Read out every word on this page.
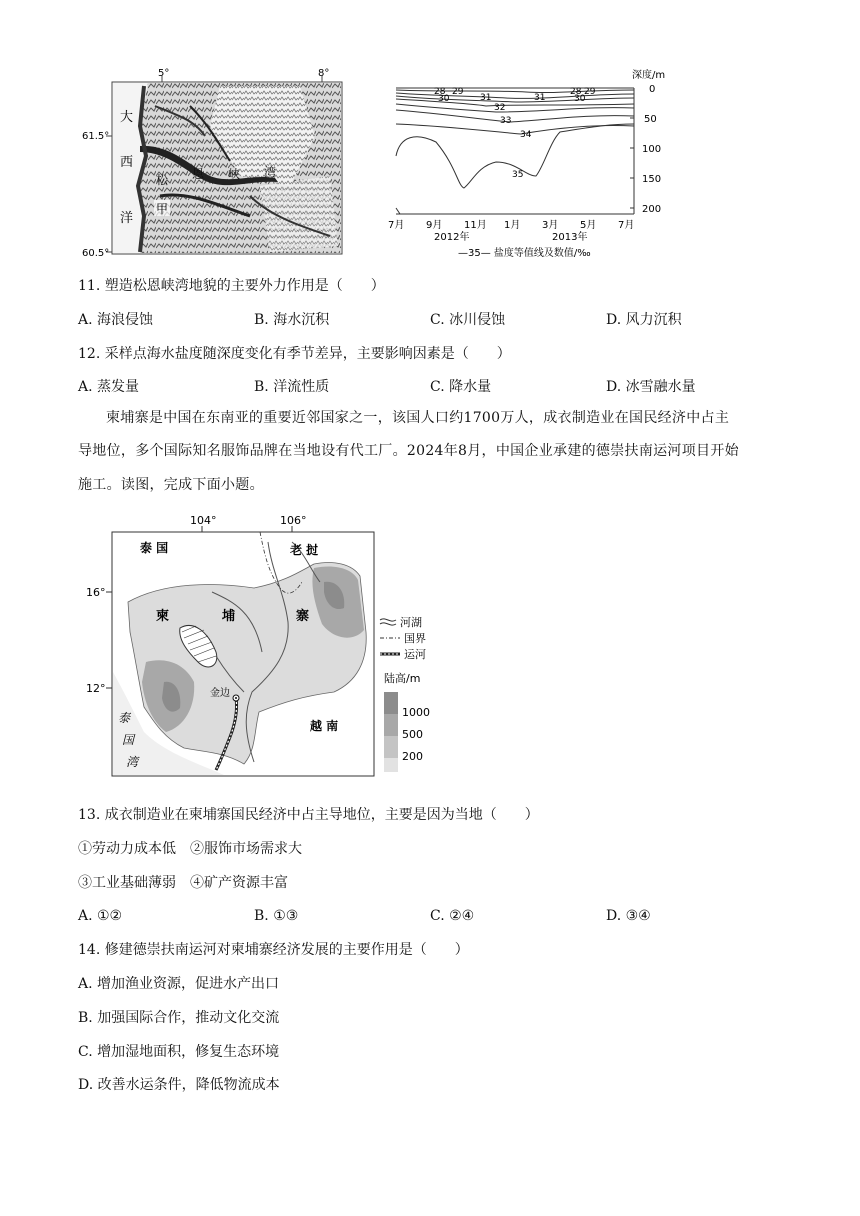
5°	8°
61.5°
60.5°
大
西
洋
松 恩 峡 湾
甲
0
50
100
150
200
深度/m
28 29
30	31	31
28 29
30
32
33
34
35
7月 9月 11月 1月 3月 5月 7月
2012年	2013年
—35— 盐度等值线及数值/‰
11. 塑造松恩峡湾地貌的主要外力作用是（　　）
A. 海浪侵蚀	B. 海水沉积	C. 冰川侵蚀	D. 风力沉积
12. 采样点海水盐度随深度变化有季节差异，主要影响因素是（　　）
A. 蒸发量	B. 洋流性质	C. 降水量	D. 冰雪融水量
柬埔寨是中国在东南亚的重要近邻国家之一，该国人口约1700万人，成衣制造业在国民经济中占主
导地位，多个国际知名服饰品牌在当地设有代工厂。2024年8月，中国企业承建的德崇扶南运河项目开始
施工。读图，完成下面小题。
104°	106°
16°
12°	金边
泰 国	老 挝
柬	埔	寨
越 南
泰
国
湾
河湖
国界
运河
陆高/m
1000
500
200
13. 成衣制造业在柬埔寨国民经济中占主导地位，主要是因为当地（　　）
①劳动力成本低　②服饰市场需求大
③工业基础薄弱　④矿产资源丰富
A. ①②	B. ①③	C. ②④	D. ③④
14. 修建德崇扶南运河对柬埔寨经济发展的主要作用是（　　）
A. 增加渔业资源，促进水产出口
B. 加强国际合作，推动文化交流
C. 增加湿地面积，修复生态环境
D. 改善水运条件，降低物流成本
